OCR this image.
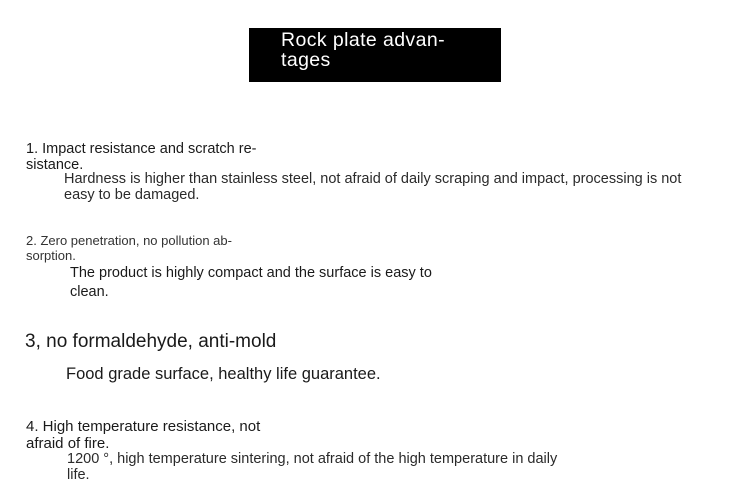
Rock plate advan- tages

1. Impact resistance and scratch re- sistance.

Hardness is higher than stainless steel, not afraid of daily scraping and impact, processing is not easy to be damaged.

2. Zero penetration, no pollution ab- sorption.

The product is highly compact and the surface is easy to clean.

3, no formaldehyde, anti-mold

Food grade surface, healthy life guarantee.

4. High temperature resistance, not afraid of fire.

1200 °, high temperature sintering, not afraid of the high temperature in daily life.
